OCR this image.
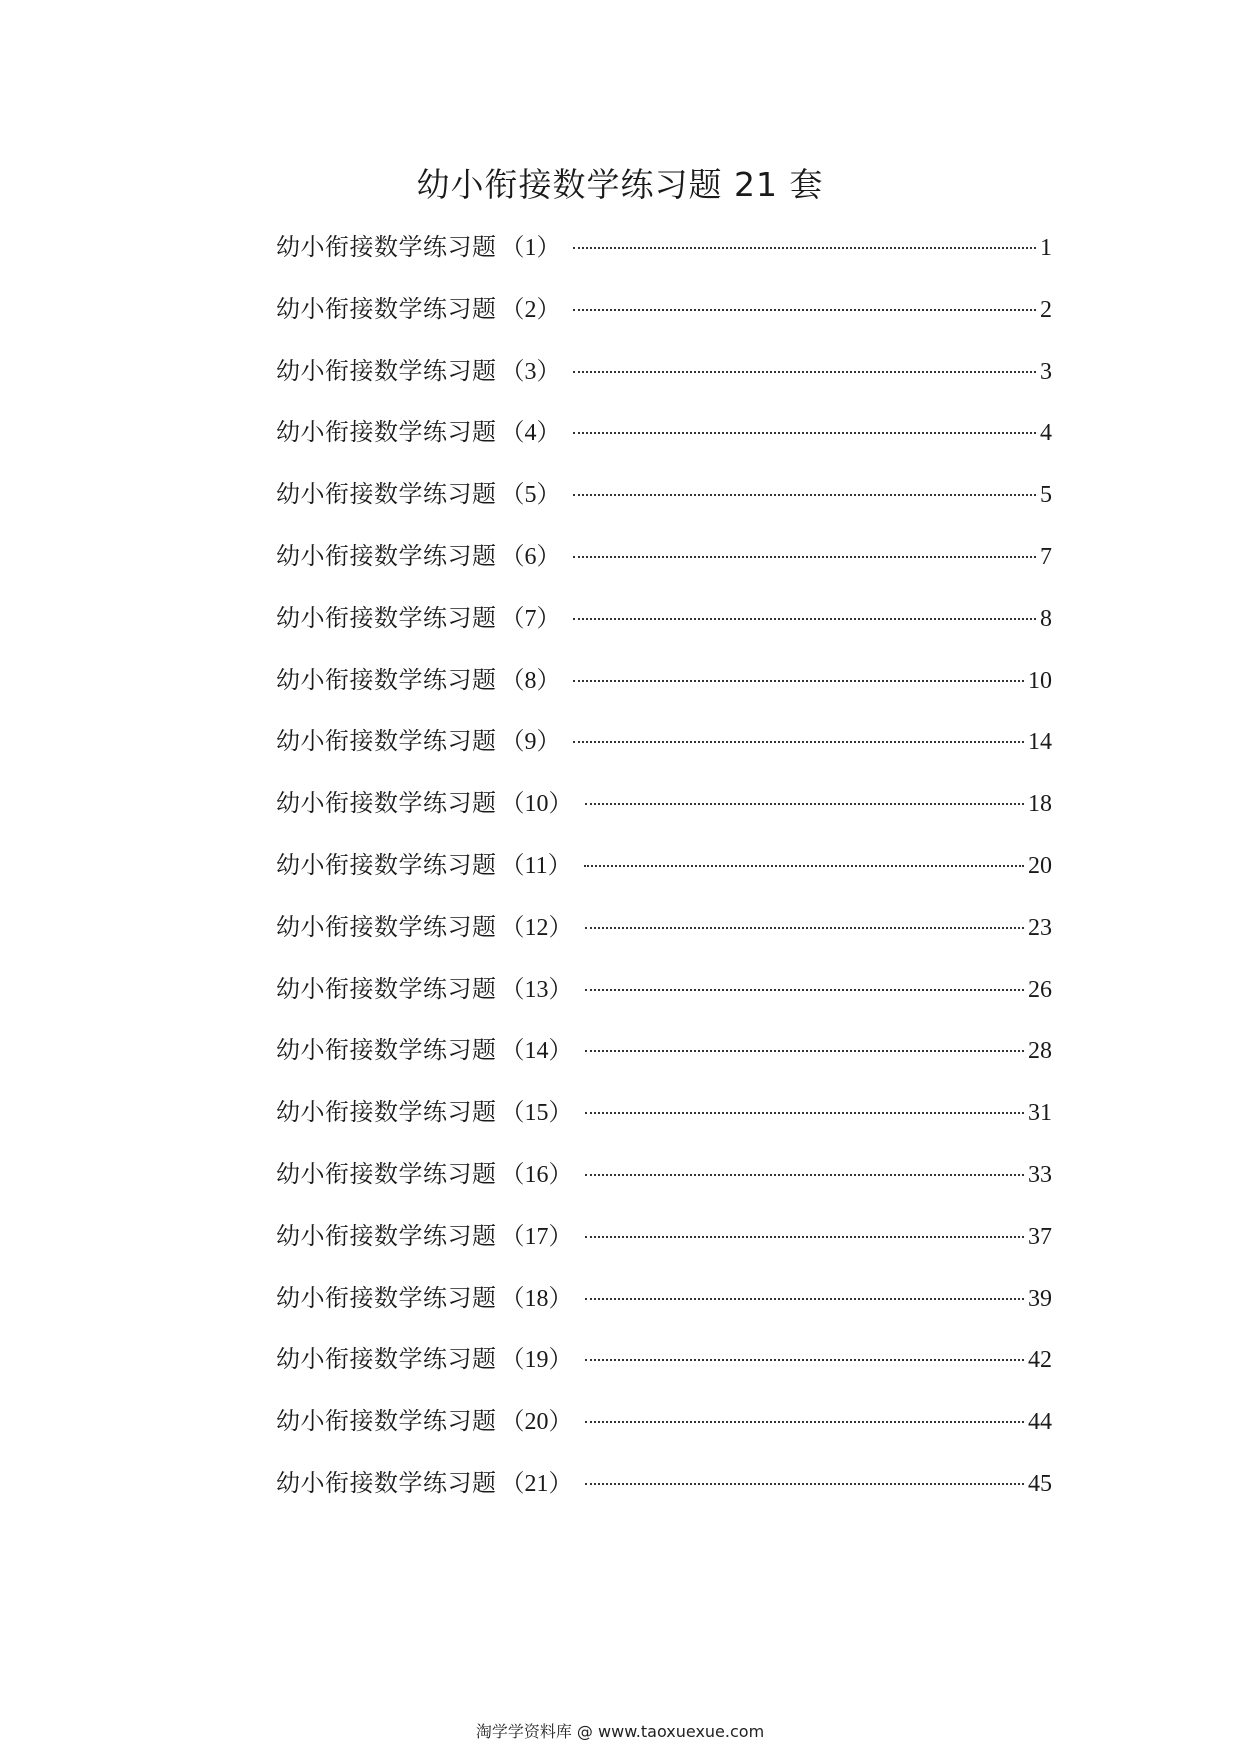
幼小衔接数学练习题 21 套
幼小衔接数学练习题 （1）	1
幼小衔接数学练习题 （2）	2
幼小衔接数学练习题 （3）	3
幼小衔接数学练习题 （4）	4
幼小衔接数学练习题 （5）	5
幼小衔接数学练习题 （6）	7
幼小衔接数学练习题 （7）	8
幼小衔接数学练习题 （8）	10
幼小衔接数学练习题 （9）	14
幼小衔接数学练习题 （10）	18
幼小衔接数学练习题 （11）	20
幼小衔接数学练习题 （12）	23
幼小衔接数学练习题 （13）	26
幼小衔接数学练习题 （14）	28
幼小衔接数学练习题 （15）	31
幼小衔接数学练习题 （16）	33
幼小衔接数学练习题 （17）	37
幼小衔接数学练习题 （18）	39
幼小衔接数学练习题 （19）	42
幼小衔接数学练习题 （20）	44
幼小衔接数学练习题 （21）	45
淘学学资料库 @ www.taoxuexue.com
